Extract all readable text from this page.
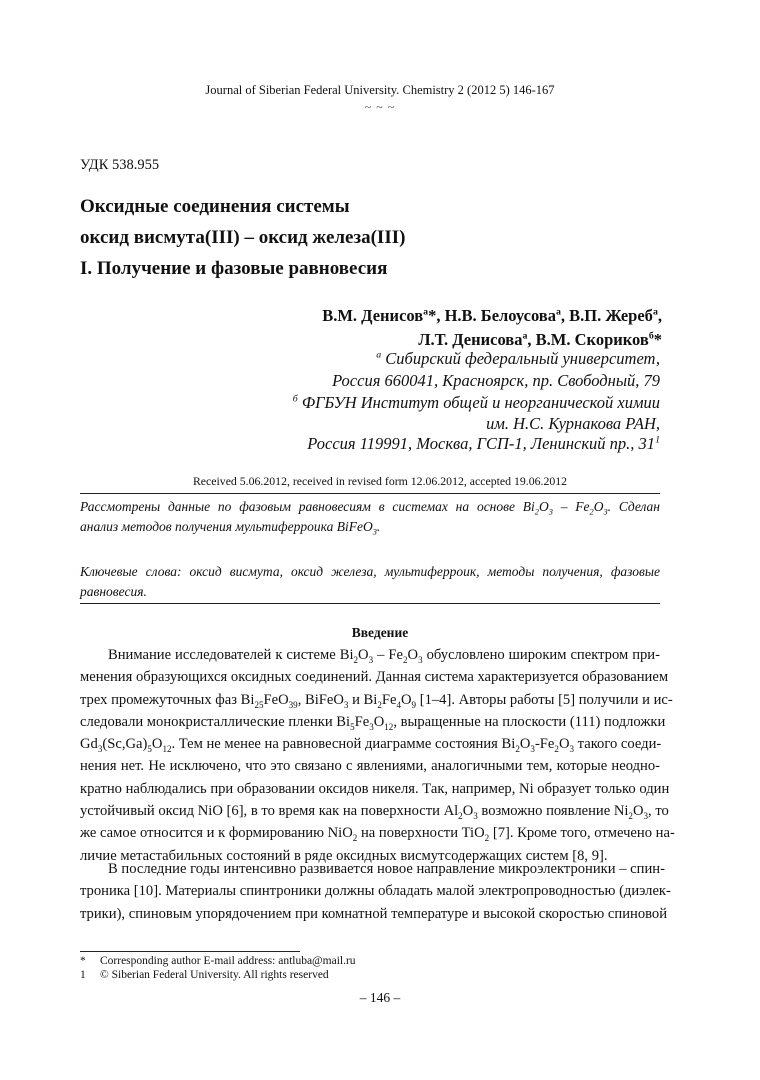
Journal of Siberian Federal University. Chemistry 2 (2012 5) 146-167
~ ~ ~
УДК 538.955
Оксидные соединения системы
оксид висмута(III) – оксид железа(III)
I. Получение и фазовые равновесия
В.М. Денисов$^а$*, Н.В. Белоусова$^а$, В.П. Жереб$^а$,
Л.Т. Денисова$^а$, В.М. Скориков$^б$*
$^а$ Сибирский федеральный университет,
Россия 660041, Красноярск, пр. Свободный, 79
$^б$ ФГБУН Институт общей и неорганической химии
им. Н.С. Курнакова РАН,
Россия 119991, Москва, ГСП-1, Ленинский пр., $31^1$
Received 5.06.2012, received in revised form 12.06.2012, accepted 19.06.2012
Рассмотрены данные по фазовым равновесиям в системах на основе $Bi_2O_3 - Fe_2O_3$. Сделан
анализ методов получения мультиферроика BiFeO$_3$.
Ключевые слова: оксид висмута, оксид железа, мультиферроик, методы получения, фазовые
равновесия.
Введение
Внимание исследователей к системе $Bi_2O_3 - Fe_2O_3$ обусловлено широким спектром при-
менения образующихся оксидных соединений. Данная система характеризуется образованием
трех промежуточных фаз $Bi_{25}FeO_{39}$, BiFeO$_3$ и $Bi_2Fe_4O_9$ [1–4]. Авторы работы [5] получили и ис-
следовали монокристаллические пленки $Bi_5Fe_3O_{12}$, выращенные на плоскости (111) подложки
$Gd_3(Sc,Ga)_5O_{12}$. Тем не менее на равновесной диаграмме состояния $Bi_2O_3-Fe_2O_3$ такого соеди-
нения нет. Не исключено, что это связано с явлениями, аналогичными тем, которые неодно-
кратно наблюдались при образовании оксидов никеля. Так, например, Ni образует только один
устойчивый оксид NiO [6], в то время как на поверхности $Al_2O_3$ возможно появление $Ni_2O_3$, то
же самое относится и к формированию NiO$_2$ на поверхности TiO$_2$ [7]. Кроме того, отмечено на-
личие метастабильных состояний в ряде оксидных висмутсодержащих систем [8, 9].
В последние годы интенсивно развивается новое направление микроэлектроники – спин-
троника [10]. Материалы спинтроники должны обладать малой электропроводностью (диэлек-
трики), спиновым упорядочением при комнатной температуре и высокой скоростью спиновой
* Corresponding author E-mail address: antluba@mail.ru
1 © Siberian Federal University. All rights reserved
– 146 –
